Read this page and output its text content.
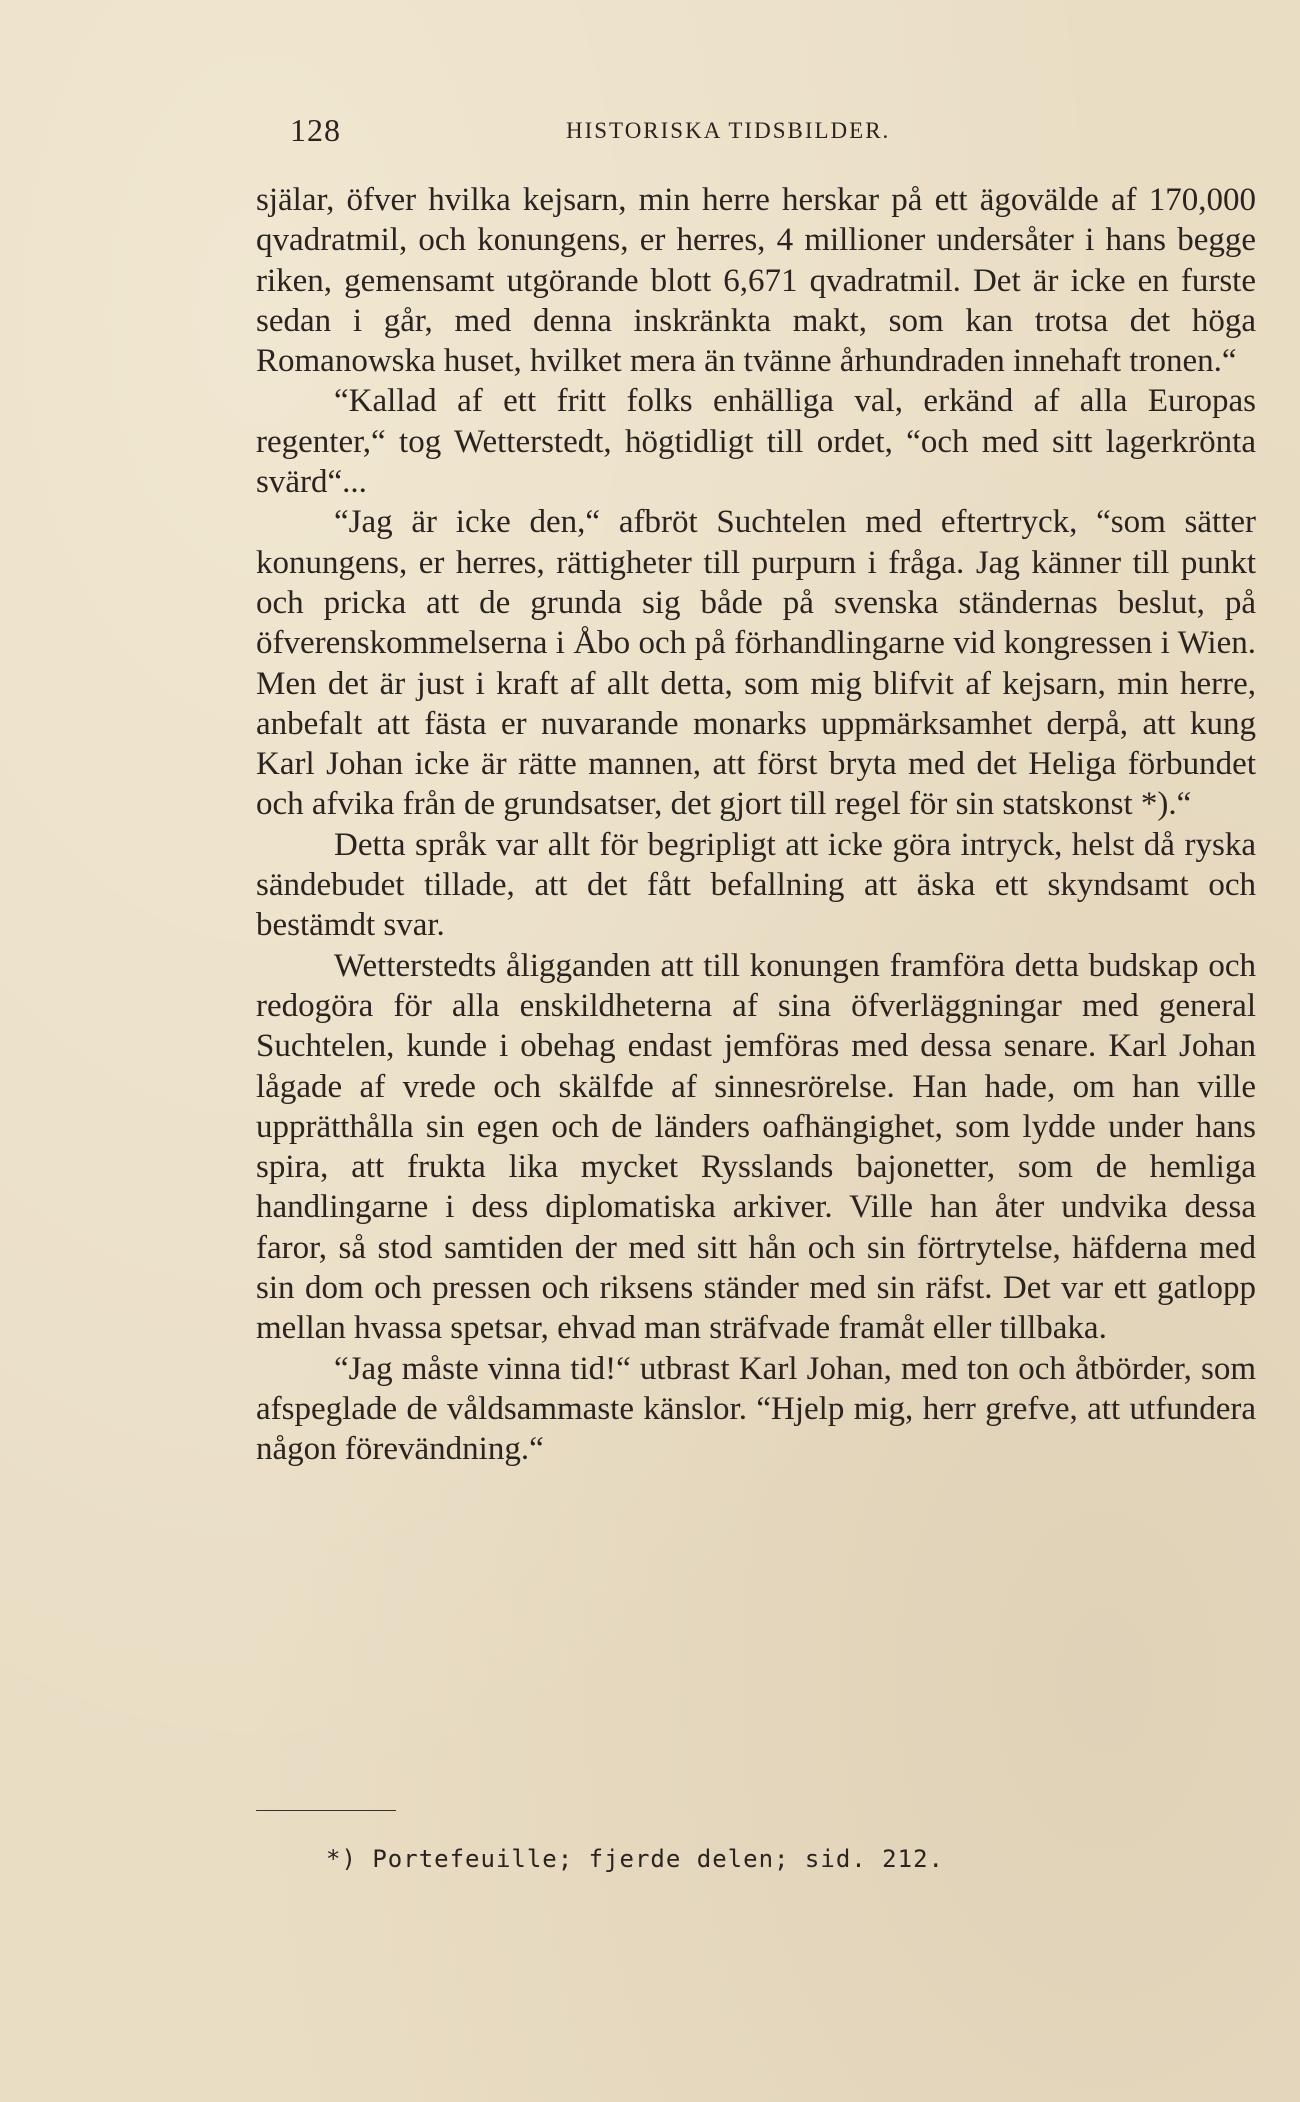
128	HISTORISKA TIDSBILDER.

själar, öfver hvilka kejsarn, min herre herskar på ett ägovälde af 170,000 qvadratmil, och konungens, er herres, 4 millioner undersåter i hans begge riken, gemensamt utgörande blott 6,671 qvadratmil. Det är icke en furste sedan i går, med denna inskränkta makt, som kan trotsa det höga Romanowska huset, hvilket mera än tvänne århundraden innehaft tronen.“

“Kallad af ett fritt folks enhälliga val, erkänd af alla Europas regenter,“ tog Wetterstedt, högtidligt till ordet, “och med sitt lagerkrönta svärd“...

“Jag är icke den,“ afbröt Suchtelen med eftertryck, “som sätter konungens, er herres, rättigheter till purpurn i fråga. Jag känner till punkt och pricka att de grunda sig både på svenska ständernas beslut, på öfverenskommelserna i Åbo och på förhandlingarne vid kongressen i Wien. Men det är just i kraft af allt detta, som mig blifvit af kejsarn, min herre, anbefalt att fästa er nuvarande monarks uppmärksamhet derpå, att kung Karl Johan icke är rätte mannen, att först bryta med det Heliga förbundet och afvika från de grundsatser, det gjort till regel för sin statskonst *).“

Detta språk var allt för begripligt att icke göra intryck, helst då ryska sändebudet tillade, att det fått befallning att äska ett skyndsamt och bestämdt svar.

Wetterstedts åligganden att till konungen framföra detta budskap och redogöra för alla enskildheterna af sina öfverläggningar med general Suchtelen, kunde i obehag endast jemföras med dessa senare. Karl Johan lågade af vrede och skälfde af sinnesrörelse. Han hade, om han ville upprätthålla sin egen och de länders oafhängighet, som lydde under hans spira, att frukta lika mycket Rysslands bajonetter, som de hemliga handlingarne i dess diplomatiska arkiver. Ville han åter undvika dessa faror, så stod samtiden der med sitt hån och sin förtrytelse, häfderna med sin dom och pressen och riksens ständer med sin räfst. Det var ett gatlopp mellan hvassa spetsar, ehvad man sträfvade framåt eller tillbaka.

“Jag måste vinna tid!“ utbrast Karl Johan, med ton och åtbörder, som afspeglade de våldsammaste känslor. “Hjelp mig, herr grefve, att utfundera någon förevändning.“

*) Portefeuille; fjerde delen; sid. 212.
